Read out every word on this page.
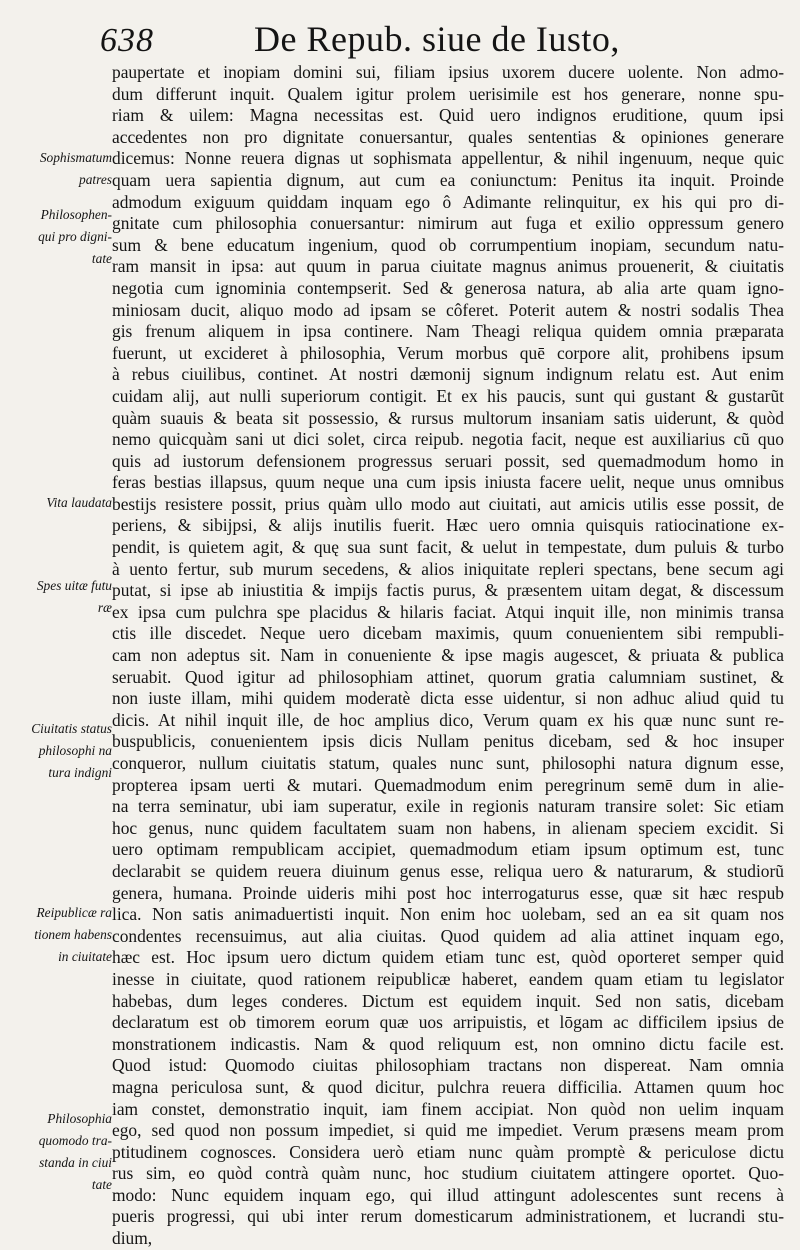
638	De Repub. siue de Iusto,
Sophismatum
patres
Philosophen-
qui pro digni-
tate
Vita laudata
Spes uitæ futu
ræ
Ciuitatis status
philosophi na
tura indigni
Reipublicæ ra
tionem habens
in ciuitate
Philosophia
quomodo tra-
standa in ciui
tate
paupertate et inopiam domini sui, filiam ipsius uxorem ducere uolente. Non admo-
dum differunt inquit. Qualem igitur prolem uerisimile est hos generare, nonne spu-
riam & uilem: Magna necessitas est. Quid uero indignos eruditione, quum ipsi
accedentes non pro dignitate conuersantur, quales sententias & opiniones generare
dicemus: Nonne reuera dignas ut sophismata appellentur, & nihil ingenuum, neque quic
quam uera sapientia dignum, aut cum ea coniunctum: Penitus ita inquit. Proinde
admodum exiguum quiddam inquam ego ô Adimante relinquitur, ex his qui pro di-
gnitate cum philosophia conuersantur: nimirum aut fuga et exilio oppressum genero
sum & bene educatum ingenium, quod ob corrumpentium inopiam, secundum natu-
ram mansit in ipsa: aut quum in parua ciuitate magnus animus prouenerit, & ciuitatis
negotia cum ignominia contempserit. Sed & generosa natura, ab alia arte quam igno-
miniosam ducit, aliquo modo ad ipsam se côferet. Poterit autem & nostri sodalis Thea
gis frenum aliquem in ipsa continere. Nam Theagi reliqua quidem omnia præparata
fuerunt, ut excideret à philosophia, Verum morbus quē corpore alit, prohibens ipsum
à rebus ciuilibus, continet. At nostri dæmonij signum indignum relatu est. Aut enim
cuidam alij, aut nulli superiorum contigit. Et ex his paucis, sunt qui gustant & gustarũt
quàm suauis & beata sit possessio, & rursus multorum insaniam satis uiderunt, & quòd
nemo quicquàm sani ut dici solet, circa reipub. negotia facit, neque est auxiliarius cũ quo
quis ad iustorum defensionem progressus seruari possit, sed quemadmodum homo in
feras bestias illapsus, quum neque una cum ipsis iniusta facere uelit, neque unus omnibus
bestijs resistere possit, prius quàm ullo modo aut ciuitati, aut amicis utilis esse possit, de
periens, & sibijpsi, & alijs inutilis fuerit. Hæc uero omnia quisquis ratiocinatione ex-
pendit, is quietem agit, & quę sua sunt facit, & uelut in tempestate, dum puluis & turbo
à uento fertur, sub murum secedens, & alios iniquitate repleri spectans, bene secum agi
putat, si ipse ab iniustitia & impijs factis purus, & præsentem uitam degat, & discessum
ex ipsa cum pulchra spe placidus & hilaris faciat. Atqui inquit ille, non minimis transa
ctis ille discedet. Neque uero dicebam maximis, quum conuenientem sibi rempubli-
cam non adeptus sit. Nam in conueniente & ipse magis augescet, & priuata & publica
seruabit. Quod igitur ad philosophiam attinet, quorum gratia calumniam sustinet, &
non iuste illam, mihi quidem moderatè dicta esse uidentur, si non adhuc aliud quid tu
dicis. At nihil inquit ille, de hoc amplius dico, Verum quam ex his quæ nunc sunt re-
buspublicis, conuenientem ipsis dicis Nullam penitus dicebam, sed & hoc insuper
conqueror, nullum ciuitatis statum, quales nunc sunt, philosophi natura dignum esse,
propterea ipsam uerti & mutari. Quemadmodum enim peregrinum semē dum in alie-
na terra seminatur, ubi iam superatur, exile in regionis naturam transire solet: Sic etiam
hoc genus, nunc quidem facultatem suam non habens, in alienam speciem excidit. Si
uero optimam rempublicam accipiet, quemadmodum etiam ipsum optimum est, tunc
declarabit se quidem reuera diuinum genus esse, reliqua uero & naturarum, & studiorũ
genera, humana. Proinde uideris mihi post hoc interrogaturus esse, quæ sit hæc respub
lica. Non satis animaduertisti inquit. Non enim hoc uolebam, sed an ea sit quam nos
condentes recensuimus, aut alia ciuitas. Quod quidem ad alia attinet inquam ego,
hæc est. Hoc ipsum uero dictum quidem etiam tunc est, quòd oporteret semper quid
inesse in ciuitate, quod rationem reipublicæ haberet, eandem quam etiam tu legislator
habebas, dum leges conderes. Dictum est equidem inquit. Sed non satis, dicebam
declaratum est ob timorem eorum quæ uos arripuistis, et lōgam ac difficilem ipsius de
monstrationem indicastis. Nam & quod reliquum est, non omnino dictu facile est.
Quod istud: Quomodo ciuitas philosophiam tractans non dispereat. Nam omnia
magna periculosa sunt, & quod dicitur, pulchra reuera difficilia. Attamen quum hoc
iam constet, demonstratio inquit, iam finem accipiat. Non quòd non uelim inquam
ego, sed quod non possum impediet, si quid me impediet. Verum præsens meam prom
ptitudinem cognosces. Considera uerò etiam nunc quàm promptè & periculose dictu
rus sim, eo quòd contrà quàm nunc, hoc studium ciuitatem attingere oportet. Quo-
modo: Nunc equidem inquam ego, qui illud attingunt adolescentes sunt recens à
pueris progressi, qui ubi inter rerum domesticarum administrationem, et lucrandi stu-
dium,
